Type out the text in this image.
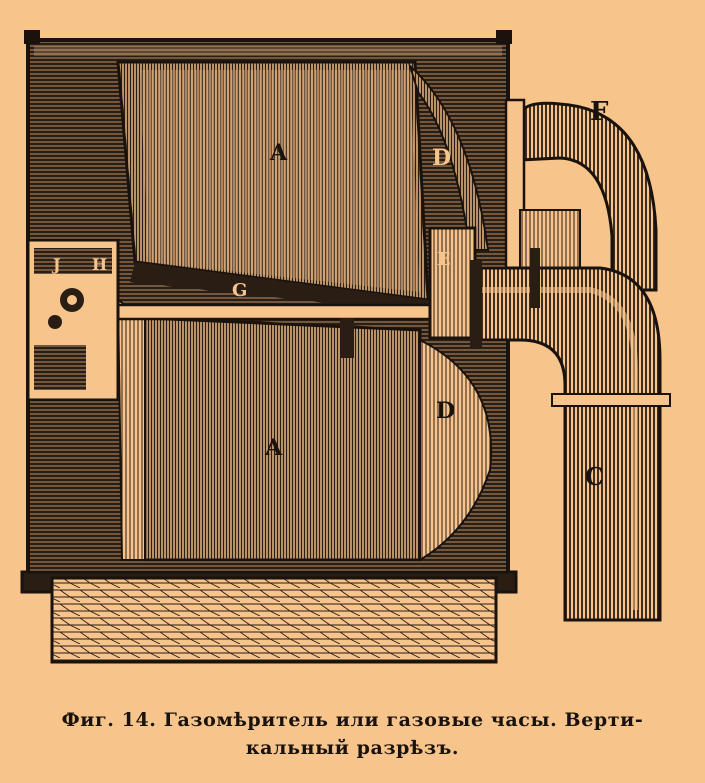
A
A
G
D
D
E
F
C
J H
Фиг. 14. Газомѣритель или газовые часы. Верти-
кальный разрѣзъ.
